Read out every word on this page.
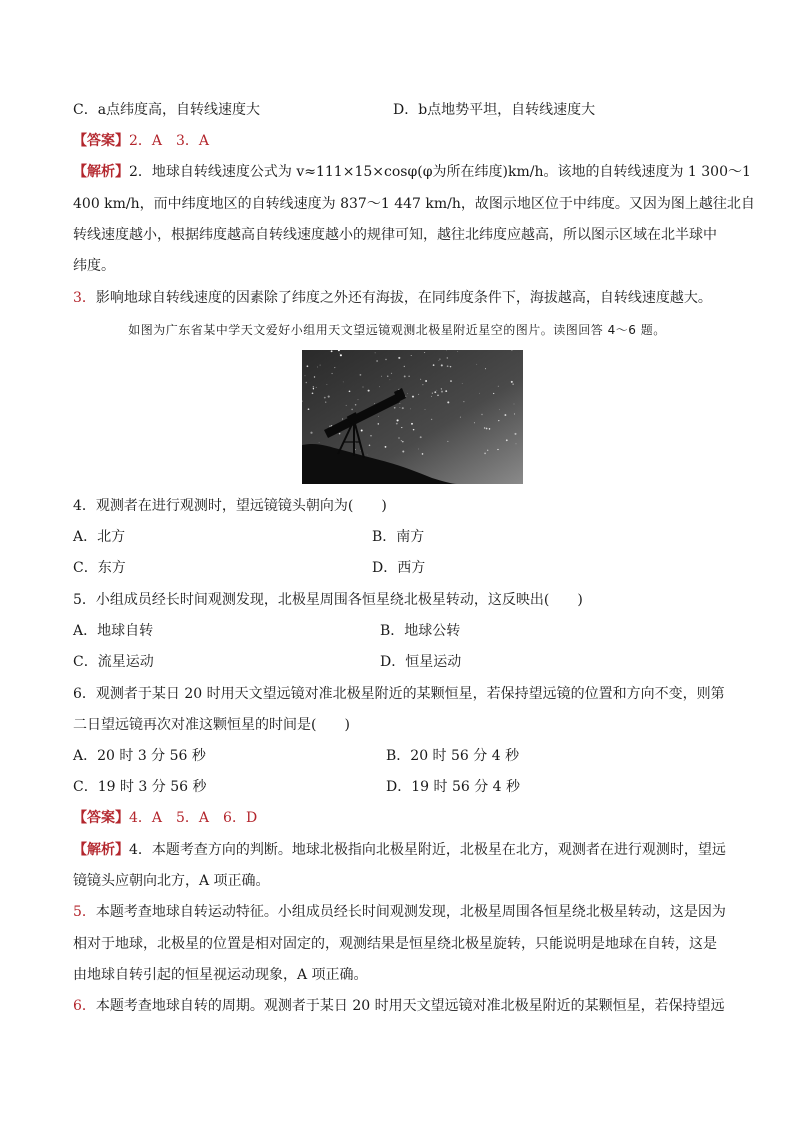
C．a点纬度高，自转线速度大	D．b点地势平坦，自转线速度大
【答案】2．A　3．A
【解析】2．地球自转线速度公式为 v≈111×15×cosφ(φ为所在纬度)km/h。该地的自转线速度为 1 300～1
400 km/h，而中纬度地区的自转线速度为 837～1 447 km/h，故图示地区位于中纬度。又因为图上越往北自
转线速度越小，根据纬度越高自转线速度越小的规律可知，越往北纬度应越高，所以图示区域在北半球中
纬度。
3．影响地球自转线速度的因素除了纬度之外还有海拔，在同纬度条件下，海拔越高，自转线速度越大。
如图为广东省某中学天文爱好小组用天文望远镜观测北极星附近星空的图片。读图回答 4～6 题。
4．观测者在进行观测时，望远镜镜头朝向为(　　)
A．北方	B．南方
C．东方	D．西方
5．小组成员经长时间观测发现，北极星周围各恒星绕北极星转动，这反映出(　　)
A．地球自转	B．地球公转
C．流星运动	D．恒星运动
6．观测者于某日 20 时用天文望远镜对准北极星附近的某颗恒星，若保持望远镜的位置和方向不变，则第
二日望远镜再次对准这颗恒星的时间是(　　)
A．20 时 3 分 56 秒	B．20 时 56 分 4 秒
C．19 时 3 分 56 秒	D．19 时 56 分 4 秒
【答案】4．A　5．A　6．D
【解析】4．本题考查方向的判断。地球北极指向北极星附近，北极星在北方，观测者在进行观测时，望远
镜镜头应朝向北方，A 项正确。
5．本题考查地球自转运动特征。小组成员经长时间观测发现，北极星周围各恒星绕北极星转动，这是因为
相对于地球，北极星的位置是相对固定的，观测结果是恒星绕北极星旋转，只能说明是地球在自转，这是
由地球自转引起的恒星视运动现象，A 项正确。
6．本题考查地球自转的周期。观测者于某日 20 时用天文望远镜对准北极星附近的某颗恒星，若保持望远
